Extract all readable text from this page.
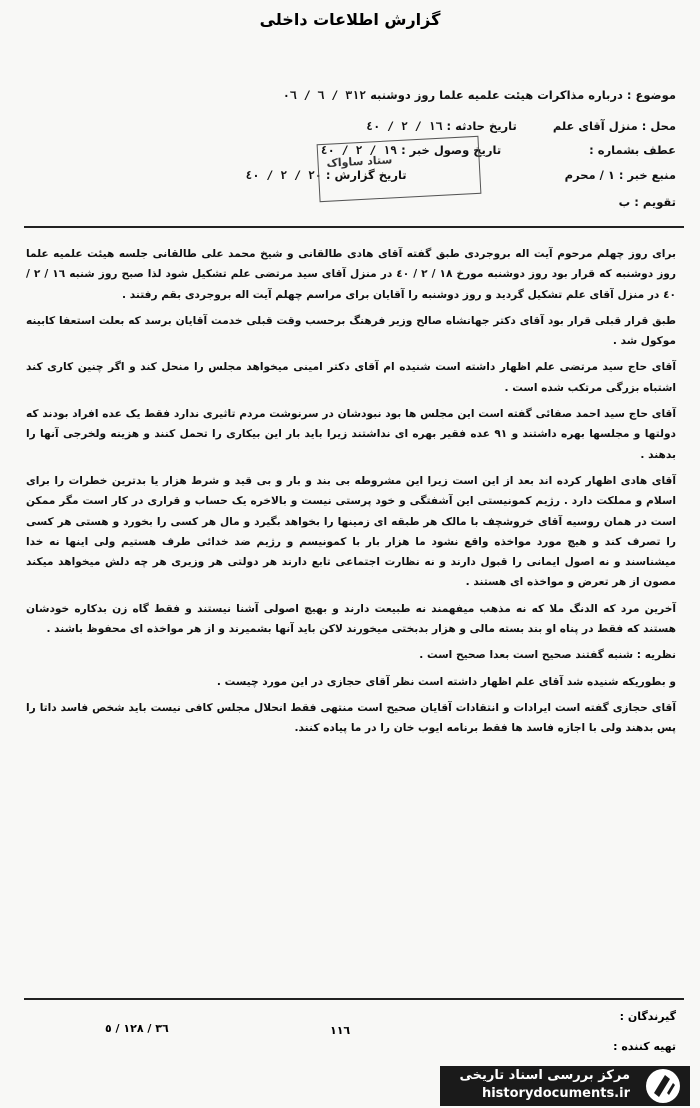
گزارش اطلاعات داخلی
موضوع : درباره مذاکرات هیئت علمیه علما روز دوشنبه ٣١٢ / ٦ / ٠٦
محل : منزل آقای علم  تاریخ حادثه : ١٦ / ٢ / ٤٠
عطف بشماره :  تاریخ وصول خبر : ١٩ / ٢ / ٤٠
منبع خبر : ١ / محرم  تاریخ گزارش : ٢٠ / ٢ / ٤٠
تقویم : ب
ستاد ساواک

برای روز چهلم مرحوم آیت اله بروجردی طبق گفته آقای هادی طالقانی و شیخ محمد علی طالقانی جلسه هیئت علمیه علما روز دوشنبه که قرار بود روز دوشنبه مورخ ١٨ / ٢ / ٤٠ در منزل آقای سید مرتضی علم تشکیل شود لذا صبح روز شنبه ١٦ / ٢ / ٤٠ در منزل آقای علم تشکیل گردید و روز دوشنبه را آقایان برای مراسم چهلم آیت اله بروجردی بقم رفتند .

طبق قرار قبلی قرار بود آقای دکتر جهانشاه صالح وزیر فرهنگ برحسب وقت قبلی خدمت آقایان برسد که بعلت استعفا کابینه موکول شد .

آقای حاج سید مرتضی علم اظهار داشته است شنیده ام آقای دکتر امینی میخواهد مجلس را منحل کند و اگر چنین کاری کند اشتباه بزرگی مرتکب شده است .

آقای حاج سید احمد صفائی گفته است این مجلس ها بود نبودشان در سرنوشت مردم تاثیری ندارد فقط یک عده افراد بودند که دولتها و مجلسها بهره داشتند و ٩١ عده فقیر بهره ای نداشتند زیرا باید بار این بیکاری را تحمل کنند و هزینه ولخرجی آنها را بدهند .

آقای هادی اظهار کرده اند بعد از این است زیرا این مشروطه بی بند و بار و بی قید و شرط هزار یا بدترین خطرات را برای اسلام و مملکت دارد . رژیم کمونیستی این آشفتگی و خود پرستی نیست و بالاخره یک حساب و قراری در کار است مگر ممکن است در همان روسیه آقای خروشچف با مالک هر طبقه ای زمینها را بخواهد بگیرد و مال هر کسی را بخورد و هستی هر کسی را تصرف کند و هیچ مورد مواخذه واقع نشود ما هزار بار با کمونیسم و رژیم ضد خدائی طرف هستیم ولی اینها نه خدا میشناسند و نه اصول ایمانی را قبول دارند و نه نظارت اجتماعی تابع دارند هر دولتی هر وزیری هر چه دلش میخواهد میکند مصون از هر تعرض و مواخذه ای هستند .

آخرین مرد که الدنگ ملا که نه مذهب میفهمند نه طبیعت دارند و بهیچ اصولی آشنا نیستند و فقط گاه زن بدکاره خودشان هستند که فقط در پناه او بند بسته مالی و هزار بدبختی میخورند لاکن باید آنها بشمیرند و از هر مواخذه ای محفوظ باشند .

نظریه : شنبه گفتند صحیح است بعدا صحیح است .

و بطوریکه شنیده شد آقای علم اظهار داشته است نظر آقای حجازی در این مورد چیست .

آقای حجازی گفته است ایرادات و انتقادات آقایان صحیح است منتهی فقط انحلال مجلس کافی نیست باید شخص فاسد داتا را پس بدهند ولی با اجازه فاسد ها فقط برنامه ایوب خان را در ما پیاده کنند.

گیرندگان :
تهیه کننده :
٣٦ / ١٢٨ / ٥	١١٦
مرکز بررسی اسناد تاریخی
historydocuments.ir
